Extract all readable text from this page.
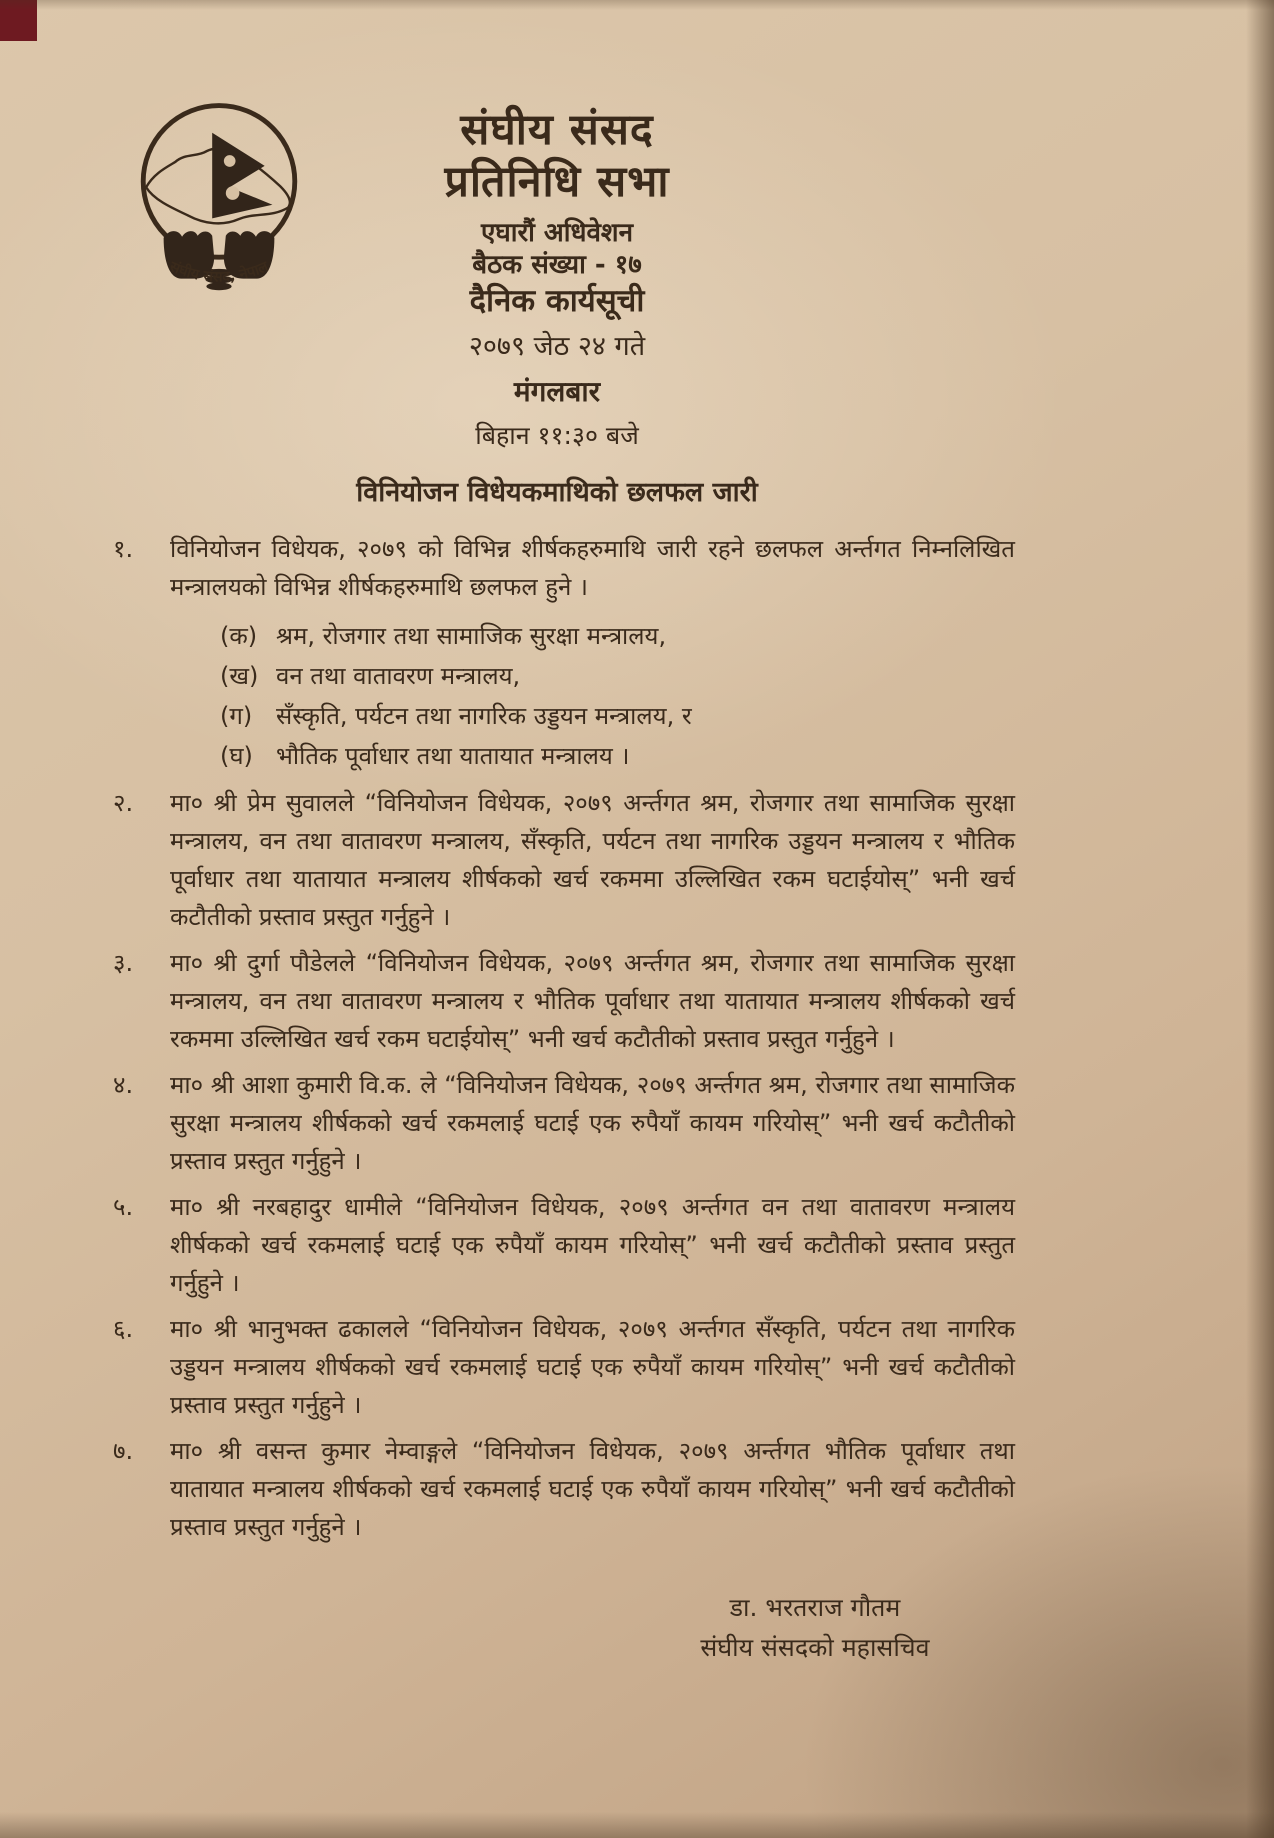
संघीय संसद, नेपाल
संघीय संसद
प्रतिनिधि सभा
एघारौं अधिवेशन
बैठक संख्या - १७
दैनिक कार्यसूची
२०७९ जेठ २४ गते
मंगलबार
बिहान ११:३० बजे
विनियोजन विधेयकमाथिको छलफल जारी
१.	विनियोजन विधेयक, २०७९ को विभिन्न शीर्षकहरुमाथि जारी रहने छलफल अर्न्तगत निम्नलिखित मन्त्रालयको विभिन्न शीर्षकहरुमाथि छलफल हुने ।
(क) श्रम, रोजगार तथा सामाजिक सुरक्षा मन्त्रालय,
(ख) वन तथा वातावरण मन्त्रालय,
(ग) सँस्कृति, पर्यटन तथा नागरिक उड्डयन मन्त्रालय, र
(घ) भौतिक पूर्वाधार तथा यातायात मन्त्रालय ।
२.	मा० श्री प्रेम सुवालले “विनियोजन विधेयक, २०७९ अर्न्तगत श्रम, रोजगार तथा सामाजिक सुरक्षा मन्त्रालय, वन तथा वातावरण मन्त्रालय, सँस्कृति, पर्यटन तथा नागरिक उड्डयन मन्त्रालय र भौतिक पूर्वाधार तथा यातायात मन्त्रालय शीर्षकको खर्च रकममा उल्लिखित रकम घटाईयोस्” भनी खर्च कटौतीको प्रस्ताव प्रस्तुत गर्नुहुने ।
३.	मा० श्री दुर्गा पौडेलले “विनियोजन विधेयक, २०७९ अर्न्तगत श्रम, रोजगार तथा सामाजिक सुरक्षा मन्त्रालय, वन तथा वातावरण मन्त्रालय र भौतिक पूर्वाधार तथा यातायात मन्त्रालय शीर्षकको खर्च रकममा उल्लिखित खर्च रकम घटाईयोस्” भनी खर्च कटौतीको प्रस्ताव प्रस्तुत गर्नुहुने ।
४.	मा० श्री आशा कुमारी वि.क. ले “विनियोजन विधेयक, २०७९ अर्न्तगत श्रम, रोजगार तथा सामाजिक सुरक्षा मन्त्रालय शीर्षकको खर्च रकमलाई घटाई एक रुपैयाँ कायम गरियोस्” भनी खर्च कटौतीको प्रस्ताव प्रस्तुत गर्नुहुने ।
५.	मा० श्री नरबहादुर धामीले “विनियोजन विधेयक, २०७९ अर्न्तगत वन तथा वातावरण मन्त्रालय शीर्षकको खर्च रकमलाई घटाई एक रुपैयाँ कायम गरियोस्” भनी खर्च कटौतीको प्रस्ताव प्रस्तुत गर्नुहुने ।
६.	मा० श्री भानुभक्त ढकालले “विनियोजन विधेयक, २०७९ अर्न्तगत सँस्कृति, पर्यटन तथा नागरिक उड्डयन मन्त्रालय शीर्षकको खर्च रकमलाई घटाई एक रुपैयाँ कायम गरियोस्” भनी खर्च कटौतीको प्रस्ताव प्रस्तुत गर्नुहुने ।
७.	मा० श्री वसन्त कुमार नेम्वाङ्गले “विनियोजन विधेयक, २०७९ अर्न्तगत भौतिक पूर्वाधार तथा यातायात मन्त्रालय शीर्षकको खर्च रकमलाई घटाई एक रुपैयाँ कायम गरियोस्” भनी खर्च कटौतीको प्रस्ताव प्रस्तुत गर्नुहुने ।
डा. भरतराज गौतम
संघीय संसदको महासचिव
